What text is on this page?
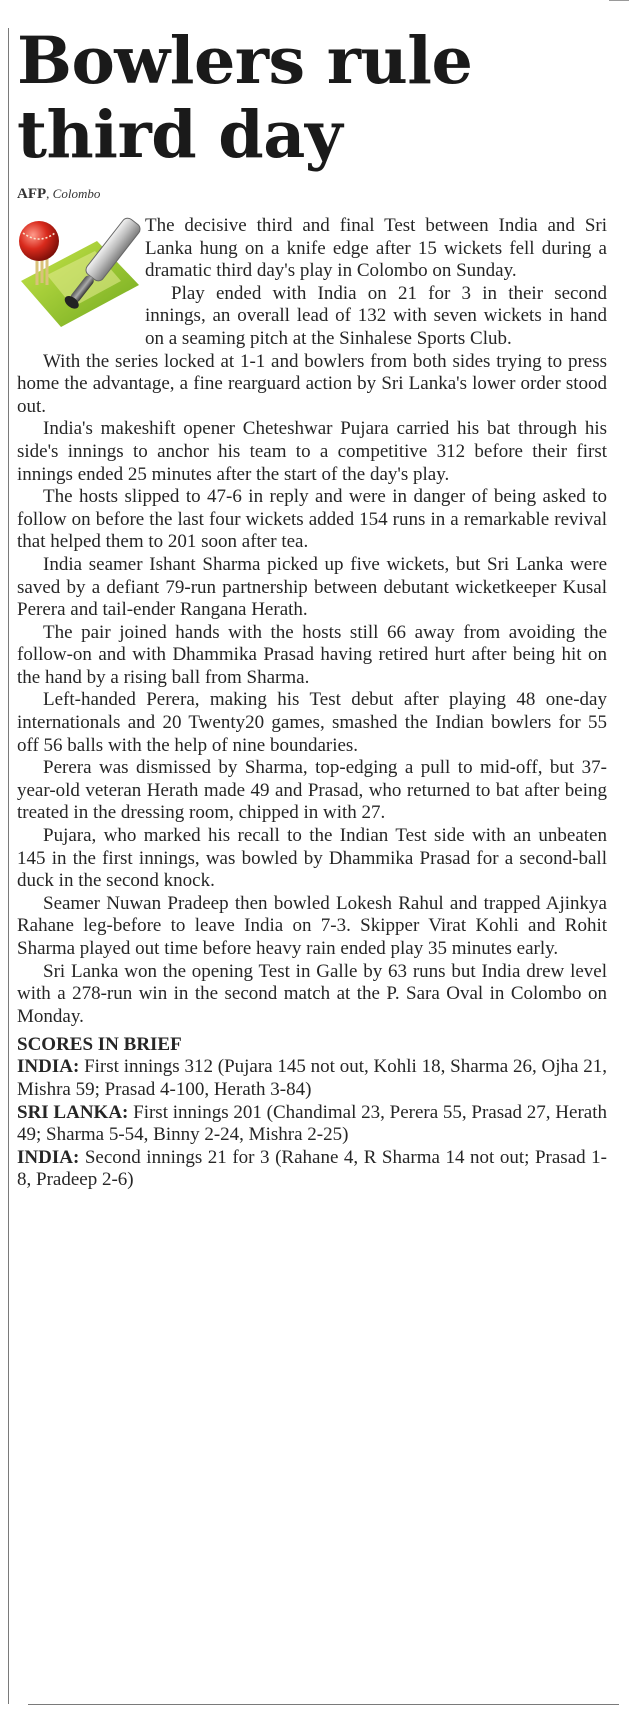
Bowlers rule third day
AFP, Colombo

The decisive third and final Test between India and Sri Lanka hung on a knife edge after 15 wickets fell during a dramatic third day's play in Colombo on Sunday.

Play ended with India on 21 for 3 in their second innings, an overall lead of 132 with seven wickets in hand on a seaming pitch at the Sinhalese Sports Club.

With the series locked at 1-1 and bowlers from both sides trying to press home the advantage, a fine rearguard action by Sri Lanka's lower order stood out.

India's makeshift opener Cheteshwar Pujara carried his bat through his side's innings to anchor his team to a competitive 312 before their first innings ended 25 minutes after the start of the day's play.

The hosts slipped to 47-6 in reply and were in danger of being asked to follow on before the last four wickets added 154 runs in a remarkable revival that helped them to 201 soon after tea.

India seamer Ishant Sharma picked up five wickets, but Sri Lanka were saved by a defiant 79-run partnership between debutant wicketkeeper Kusal Perera and tail-ender Rangana Herath.

The pair joined hands with the hosts still 66 away from avoiding the follow-on and with Dhammika Prasad having retired hurt after being hit on the hand by a rising ball from Sharma.

Left-handed Perera, making his Test debut after playing 48 one-day internationals and 20 Twenty20 games, smashed the Indian bowlers for 55 off 56 balls with the help of nine boundaries.

Perera was dismissed by Sharma, top-edging a pull to mid-off, but 37-year-old veteran Herath made 49 and Prasad, who returned to bat after being treated in the dressing room, chipped in with 27.

Pujara, who marked his recall to the Indian Test side with an unbeaten 145 in the first innings, was bowled by Dhammika Prasad for a second-ball duck in the second knock.

Seamer Nuwan Pradeep then bowled Lokesh Rahul and trapped Ajinkya Rahane leg-before to leave India on 7-3. Skipper Virat Kohli and Rohit Sharma played out time before heavy rain ended play 35 minutes early.

Sri Lanka won the opening Test in Galle by 63 runs but India drew level with a 278-run win in the second match at the P. Sara Oval in Colombo on Monday.

SCORES IN BRIEF
INDIA: First innings 312 (Pujara 145 not out, Kohli 18, Sharma 26, Ojha 21, Mishra 59; Prasad 4-100, Herath 3-84)
SRI LANKA: First innings 201 (Chandimal 23, Perera 55, Prasad 27, Herath 49; Sharma 5-54, Binny 2-24, Mishra 2-25)
INDIA: Second innings 21 for 3 (Rahane 4, R Sharma 14 not out; Prasad 1-8, Pradeep 2-6)
